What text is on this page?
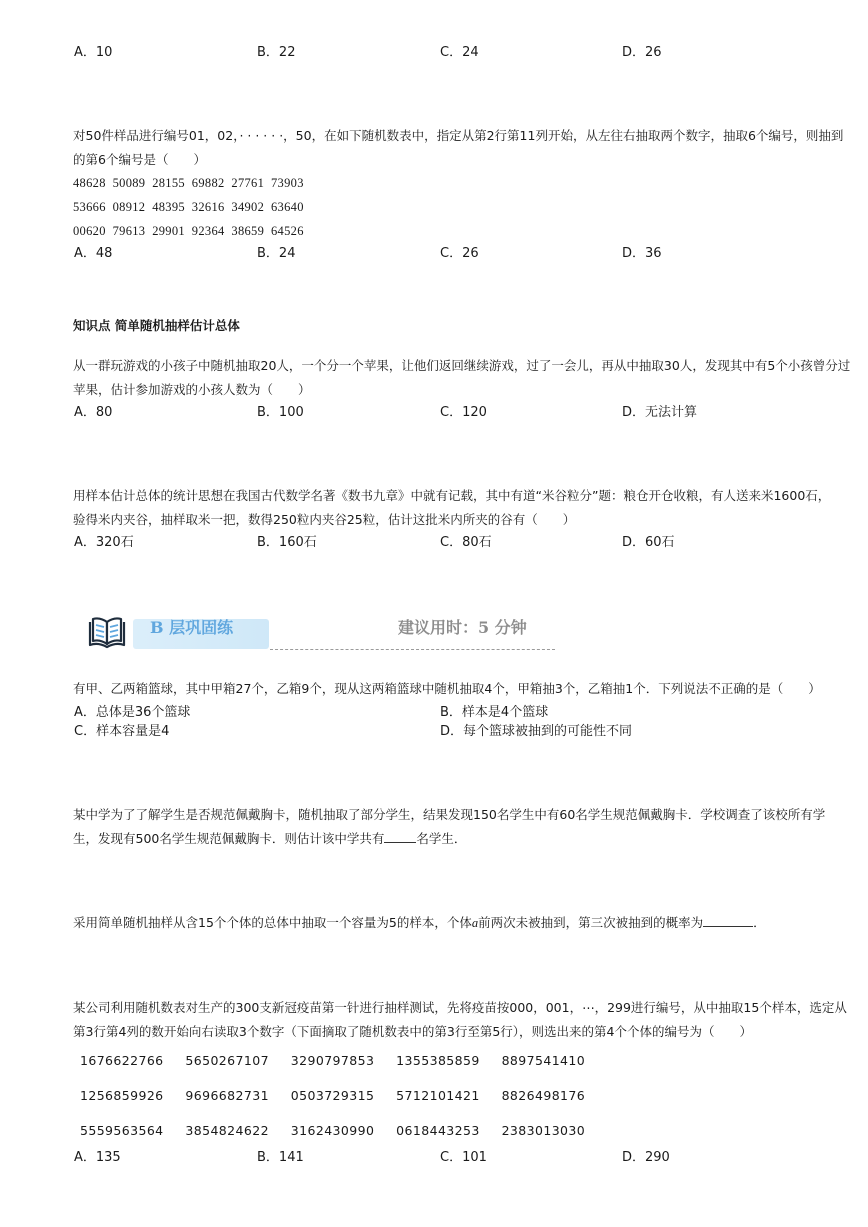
A．10	B．22	C．24	D．26
对50件样品进行编号01，02，· · · · · ·，50，在如下随机数表中，指定从第2行第11列开始，从左往右抽取两个数字，抽取6个编号，则抽到
的第6个编号是（　　）
48628  50089  28155  69882  27761  73903
53666  08912  48395  32616  34902  63640
00620  79613  29901  92364  38659  64526
A．48	B．24	C．26	D．36
知识点 简单随机抽样估计总体
从一群玩游戏的小孩子中随机抽取20人，一个分一个苹果，让他们返回继续游戏，过了一会儿，再从中抽取30人，发现其中有5个小孩曾分过
苹果，估计参加游戏的小孩人数为（　　）
A．80	B．100	C．120	D．无法计算
用样本估计总体的统计思想在我国古代数学名著《数书九章》中就有记载，其中有道“米谷粒分”题：粮仓开仓收粮，有人送来米1600石，
验得米内夹谷，抽样取米一把，数得250粒内夹谷25粒，估计这批米内所夹的谷有（　　）
A．320石	B．160石	C．80石	D．60石
B 层巩固练	建议用时：5 分钟
有甲、乙两箱篮球，其中甲箱27个，乙箱9个，现从这两箱篮球中随机抽取4个，甲箱抽3个，乙箱抽1个．下列说法不正确的是（　　）
A．总体是36个篮球	B．样本是4个篮球
C．样本容量是4	D．每个篮球被抽到的可能性不同
某中学为了了解学生是否规范佩戴胸卡，随机抽取了部分学生，结果发现150名学生中有60名学生规范佩戴胸卡．学校调查了该校所有学
生，发现有500名学生规范佩戴胸卡．则估计该中学共有	名学生．
采用简单随机抽样从含15个个体的总体中抽取一个容量为5的样本，个体a前两次未被抽到，第三次被抽到的概率为	．
某公司利用随机数表对生产的300支新冠疫苗第一针进行抽样测试，先将疫苗按000，001，⋯，299进行编号，从中抽取15个样本，选定从
第3行第4列的数开始向右读取3个数字（下面摘取了随机数表中的第3行至第5行），则选出来的第4个个体的编号为（　　）
1676622766     5650267107     3290797853     1355385859     8897541410
1256859926     9696682731     0503729315     5712101421     8826498176
5559563564     3854824622     3162430990     0618443253     2383013030
A．135	B．141	C．101	D．290
